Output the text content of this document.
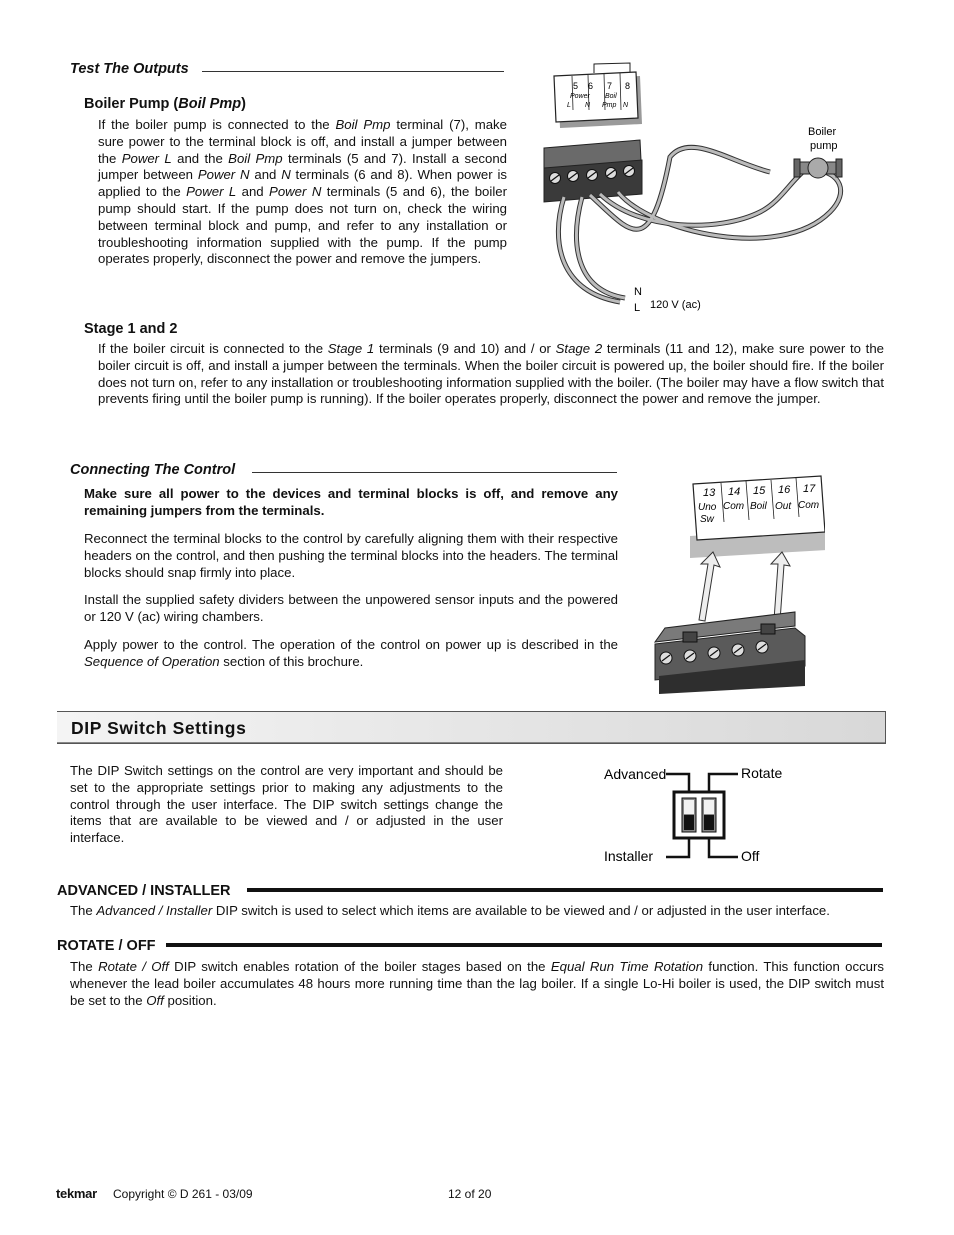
Test The Outputs
Boiler Pump (Boil Pmp)
If the boiler pump is connected to the Boil Pmp terminal (7), make sure power to the terminal block is off, and install a jumper between the Power L and the Boil Pmp terminals (5 and 7). Install a second jumper between Power N and N terminals (6 and 8). When power is applied to the Power L and Power N terminals (5 and 6), the boiler pump should start. If the pump does not turn on, check the wiring between terminal block and pump, and refer to any installation or troubleshooting information supplied with the pump. If the pump operates properly, disconnect the power and remove the jumpers.
Stage 1 and 2
If the boiler circuit is connected to the Stage 1 terminals (9 and 10) and / or Stage 2 terminals (11 and 12), make sure power to the boiler circuit is off, and install a jumper between the terminals. When the boiler circuit is powered up, the boiler should fire. If the boiler does not turn on, refer to any installation or troubleshooting information supplied with the boiler. (The boiler may have a flow switch that prevents firing until the boiler pump is running). If the boiler operates properly, disconnect the power and remove the jumper.
5 6 7 8
Power
L N
Boil
Pmp N
Boiler
pump
N
L 120 V (ac)
Connecting The Control
Make sure all power to the devices and terminal blocks is off, and remove any remaining jumpers from the terminals.
Reconnect the terminal blocks to the control by carefully aligning them with their respective headers on the control, and then pushing the terminal blocks into the headers. The terminal blocks should snap firmly into place.
Install the supplied safety dividers between the unpowered sensor inputs and the powered or 120 V (ac) wiring chambers.
Apply power to the control. The operation of the control on power up is described in the Sequence of Operation section of this brochure.
13 14 15 16 17
Uno Com Boil Out Com
Sw
DIP Switch Settings
The DIP Switch settings on the control are very important and should be set to the appropriate settings prior to making any adjustments to the control through the user interface. The DIP switch settings change the items that are available to be viewed and / or adjusted in the user interface.
Advanced	Rotate
Installer	Off
ADVANCED / INSTALLER
The Advanced / Installer DIP switch is used to select which items are available to be viewed and / or adjusted in the user interface.
ROTATE / OFF
The Rotate / Off DIP switch enables rotation of the boiler stages based on the Equal Run Time Rotation function. This function occurs whenever the lead boiler accumulates 48 hours more running time than the lag boiler. If a single Lo-Hi boiler is used, the DIP switch must be set to the Off position.
tekmar Copyright © D 261 - 03/09	12 of 20
